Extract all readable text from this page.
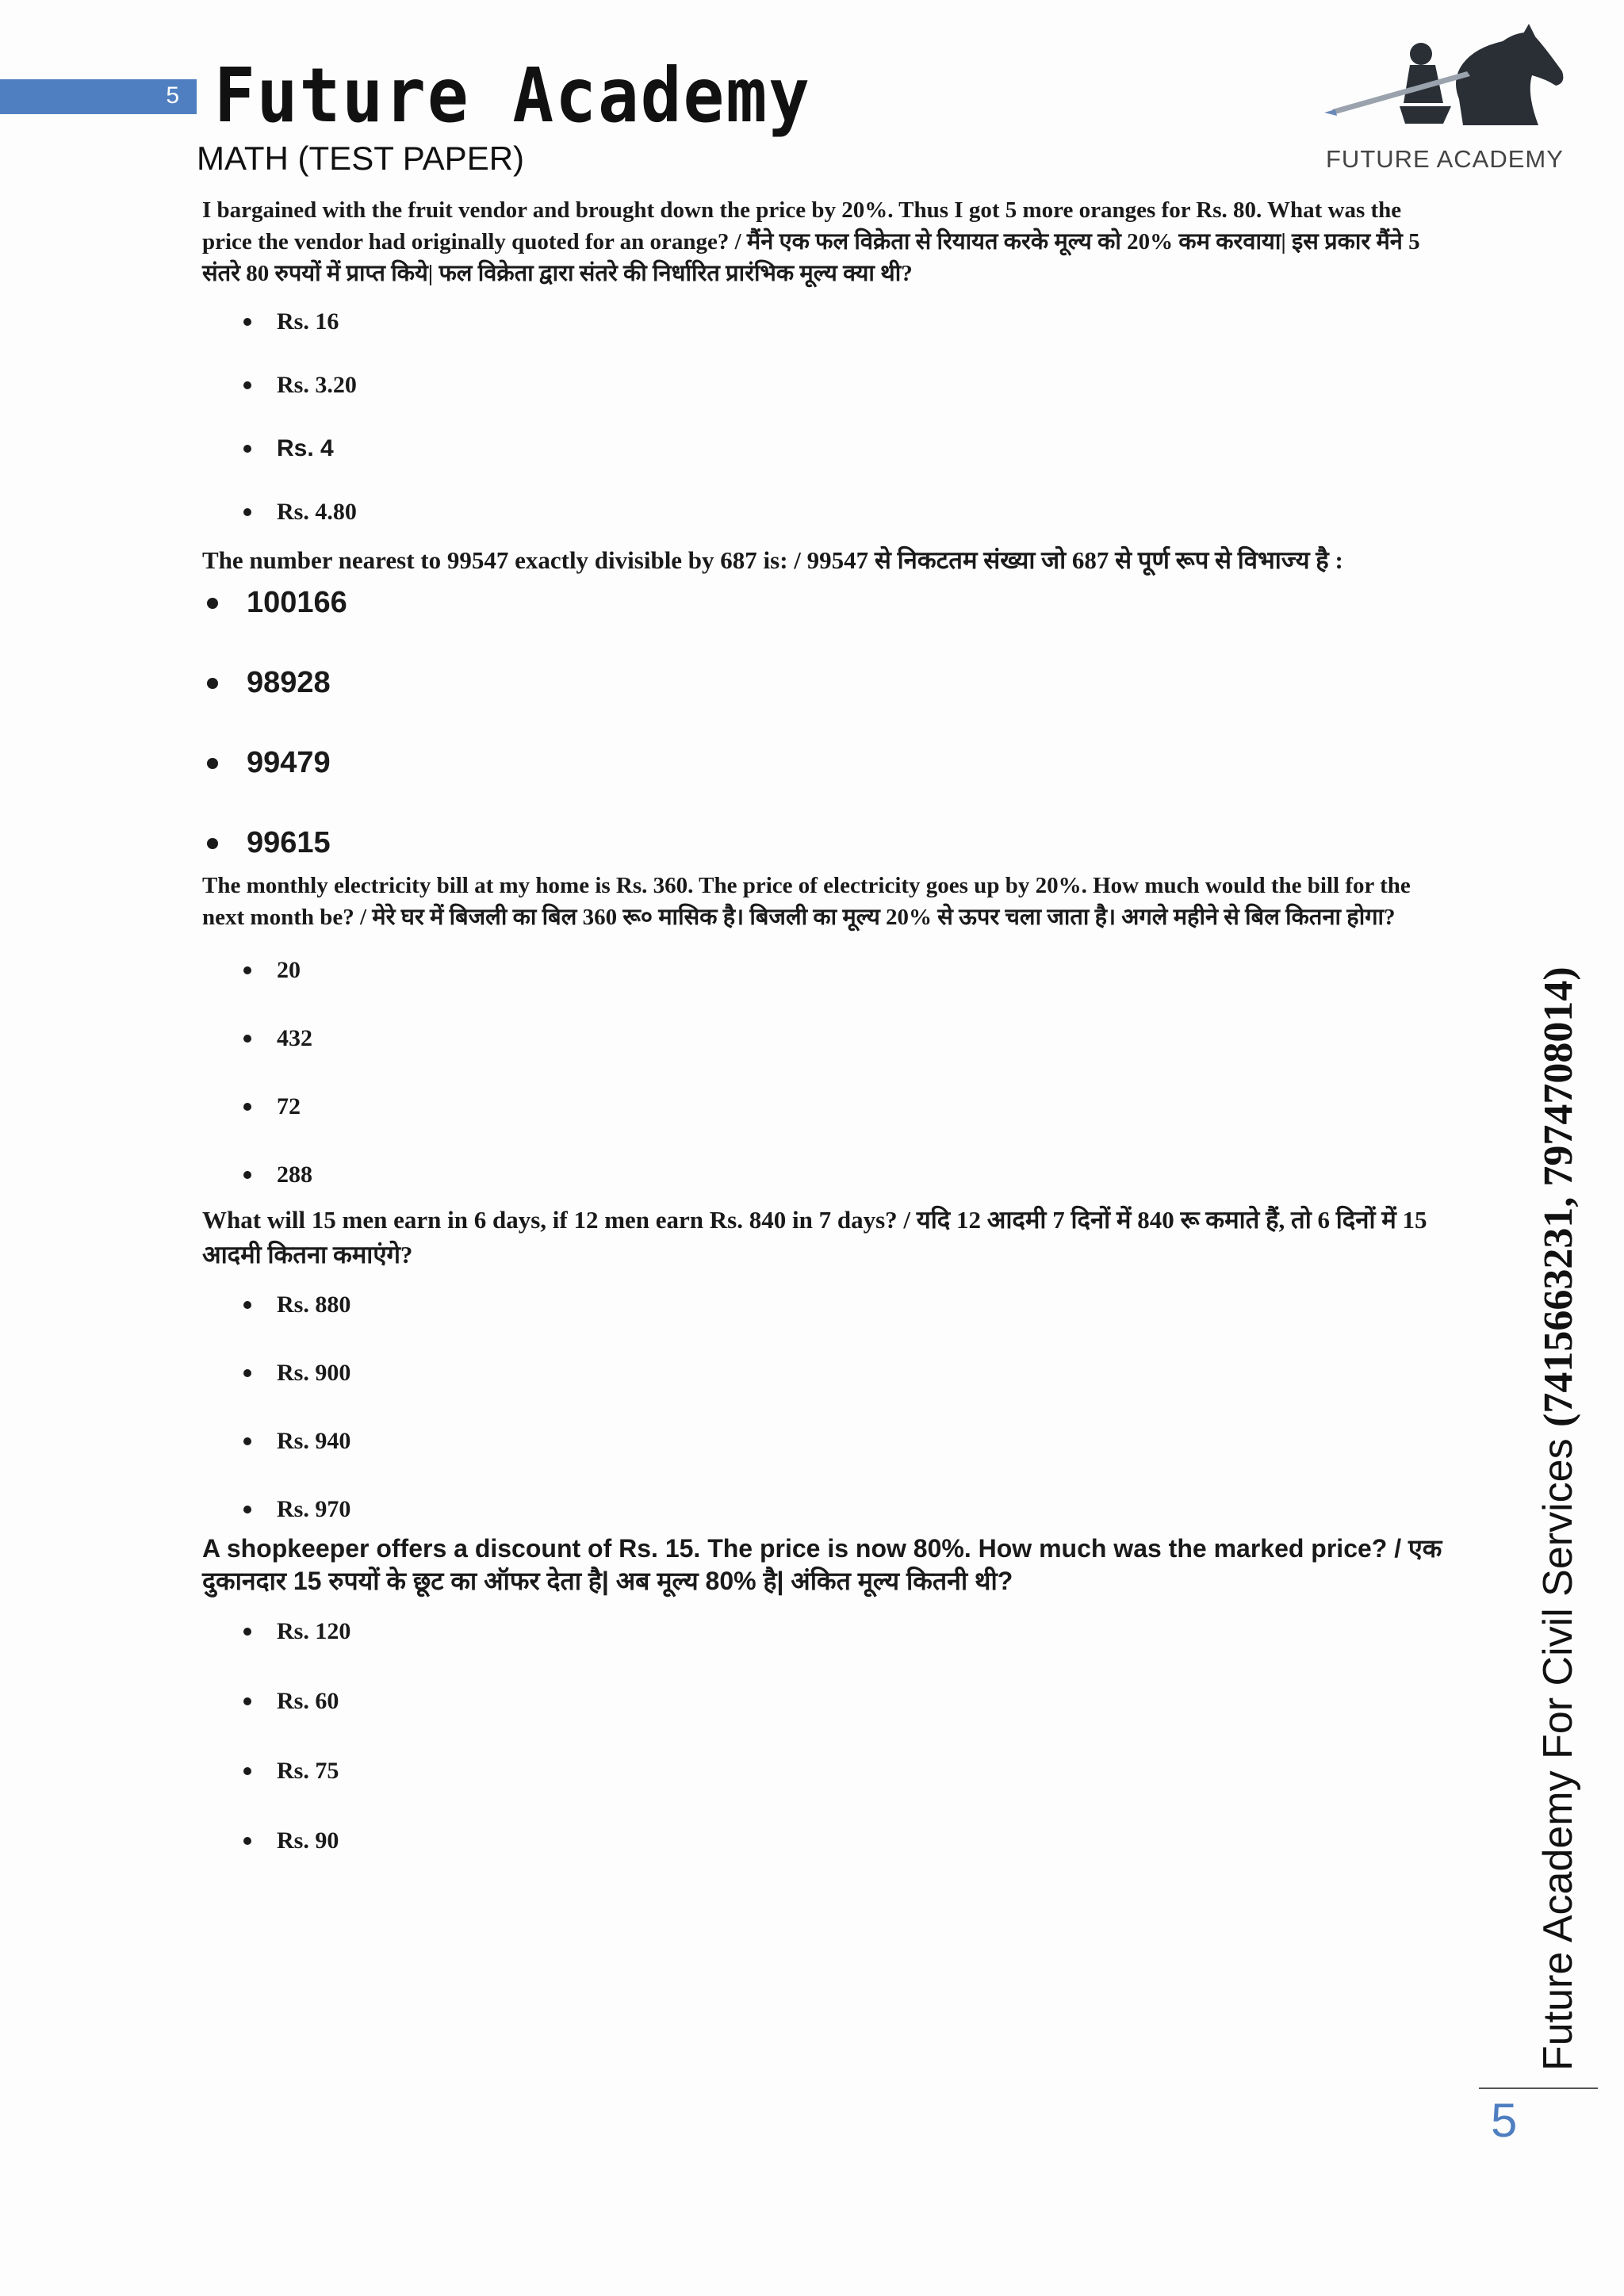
5 Future Academy
MATH (TEST PAPER)	FUTURE ACADEMY

I bargained with the fruit vendor and brought down the price by 20%. Thus I got 5 more oranges for Rs. 80. What was the price the vendor had originally quoted for an orange? / मैंने एक फल विक्रेता से रियायत करके मूल्य को 20% कम करवाया| इस प्रकार मैंने 5 संतरे 80 रुपयों में प्राप्त किये| फल विक्रेता द्वारा संतरे की निर्धारित प्रारंभिक मूल्य क्या थी?

Rs. 16
Rs. 3.20
Rs. 4
Rs. 4.80

The number nearest to 99547 exactly divisible by 687 is: / 99547 से निकटतम संख्या जो 687 से पूर्ण रूप से विभाज्य है :

100166
98928
99479
99615

The monthly electricity bill at my home is Rs. 360. The price of electricity goes up by 20%. How much would the bill for the next month be? / मेरे घर में बिजली का बिल 360 रू० मासिक है। बिजली का मूल्य 20% से ऊपर चला जाता है। अगले महीने से बिल कितना होगा?

20
432
72
288

What will 15 men earn in 6 days, if 12 men earn Rs. 840 in 7 days? / यदि 12 आदमी 7 दिनों में 840 रू कमाते हैं, तो 6 दिनों में 15 आदमी कितना कमाएंगे?

Rs. 880
Rs. 900
Rs. 940
Rs. 970

A shopkeeper offers a discount of Rs. 15. The price is now 80%. How much was the marked price? / एक दुकानदार 15 रुपयों के छूट का ऑफर देता है| अब मूल्य 80% है| अंकित मूल्य कितनी थी?

Rs. 120
Rs. 60
Rs. 75
Rs. 90	Future Academy For Civil Services (7415663231, 7974708014)
5
